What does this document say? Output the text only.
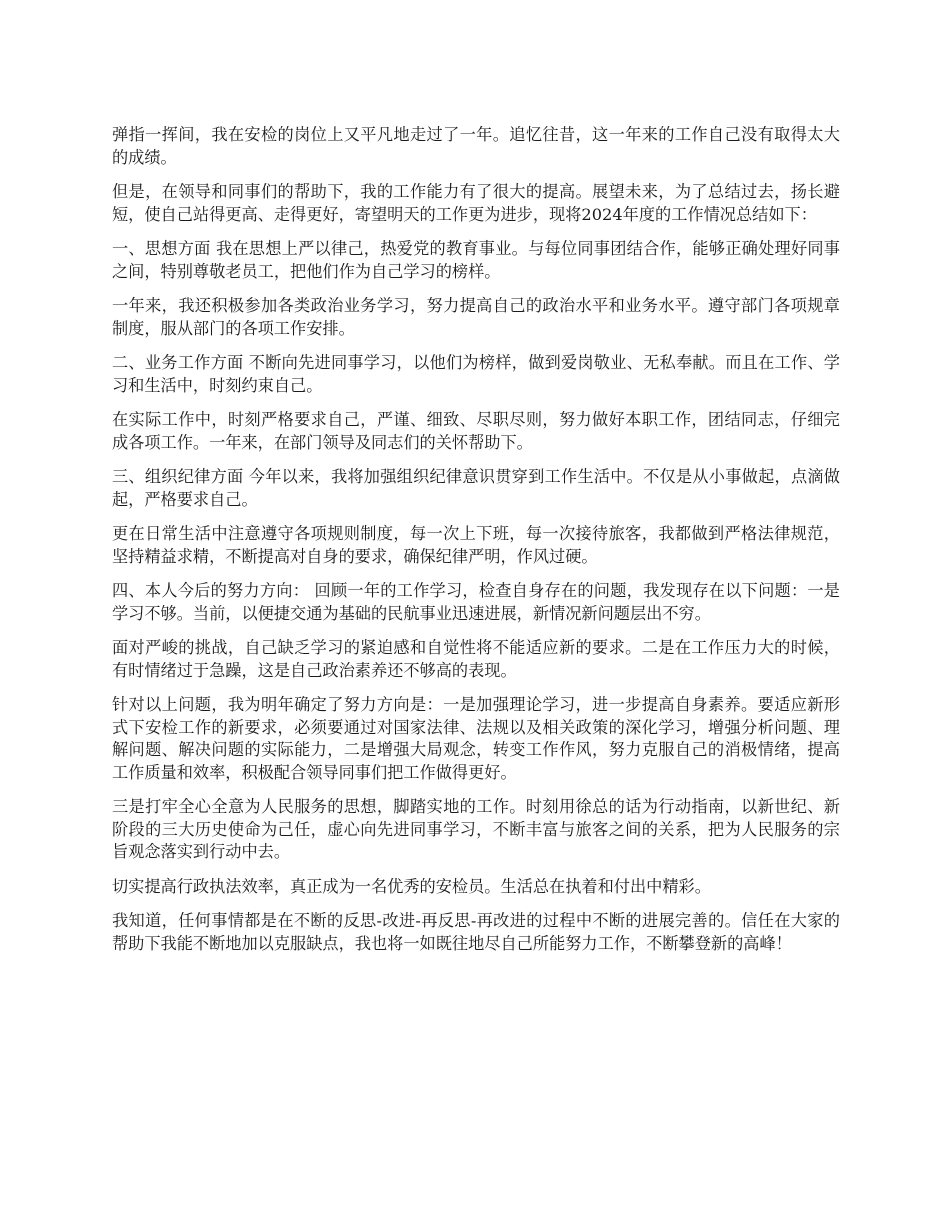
弹指一挥间，我在安检的岗位上又平凡地走过了一年。追忆往昔，这一年来的工作自己没有取得太大的成绩。

但是，在领导和同事们的帮助下，我的工作能力有了很大的提高。展望未来，为了总结过去，扬长避短，使自己站得更高、走得更好，寄望明天的工作更为进步，现将2024年度的工作情况总结如下：

一、思想方面 我在思想上严以律己，热爱党的教育事业。与每位同事团结合作，能够正确处理好同事之间，特别尊敬老员工，把他们作为自己学习的榜样。

一年来，我还积极参加各类政治业务学习，努力提高自己的政治水平和业务水平。遵守部门各项规章制度，服从部门的各项工作安排。

二、业务工作方面 不断向先进同事学习，以他们为榜样，做到爱岗敬业、无私奉献。而且在工作、学习和生活中，时刻约束自己。

在实际工作中，时刻严格要求自己，严谨、细致、尽职尽则，努力做好本职工作，团结同志，仔细完成各项工作。一年来，在部门领导及同志们的关怀帮助下。

三、组织纪律方面 今年以来，我将加强组织纪律意识贯穿到工作生活中。不仅是从小事做起，点滴做起，严格要求自己。

更在日常生活中注意遵守各项规则制度，每一次上下班，每一次接待旅客，我都做到严格法律规范，坚持精益求精，不断提高对自身的要求，确保纪律严明，作风过硬。

四、本人今后的努力方向： 回顾一年的工作学习，检查自身存在的问题，我发现存在以下问题：一是学习不够。当前，以便捷交通为基础的民航事业迅速进展，新情况新问题层出不穷。

面对严峻的挑战，自己缺乏学习的紧迫感和自觉性将不能适应新的要求。二是在工作压力大的时候，有时情绪过于急躁，这是自己政治素养还不够高的表现。

针对以上问题，我为明年确定了努力方向是：一是加强理论学习，进一步提高自身素养。要适应新形式下安检工作的新要求，必须要通过对国家法律、法规以及相关政策的深化学习，增强分析问题、理解问题、解决问题的实际能力，二是增强大局观念，转变工作作风，努力克服自己的消极情绪，提高工作质量和效率，积极配合领导同事们把工作做得更好。

三是打牢全心全意为人民服务的思想，脚踏实地的工作。时刻用徐总的话为行动指南，以新世纪、新阶段的三大历史使命为己任，虚心向先进同事学习，不断丰富与旅客之间的关系，把为人民服务的宗旨观念落实到行动中去。

切实提高行政执法效率，真正成为一名优秀的安检员。生活总在执着和付出中精彩。

我知道，任何事情都是在不断的反思-改进-再反思-再改进的过程中不断的进展完善的。信任在大家的帮助下我能不断地加以克服缺点，我也将一如既往地尽自己所能努力工作，不断攀登新的高峰！
